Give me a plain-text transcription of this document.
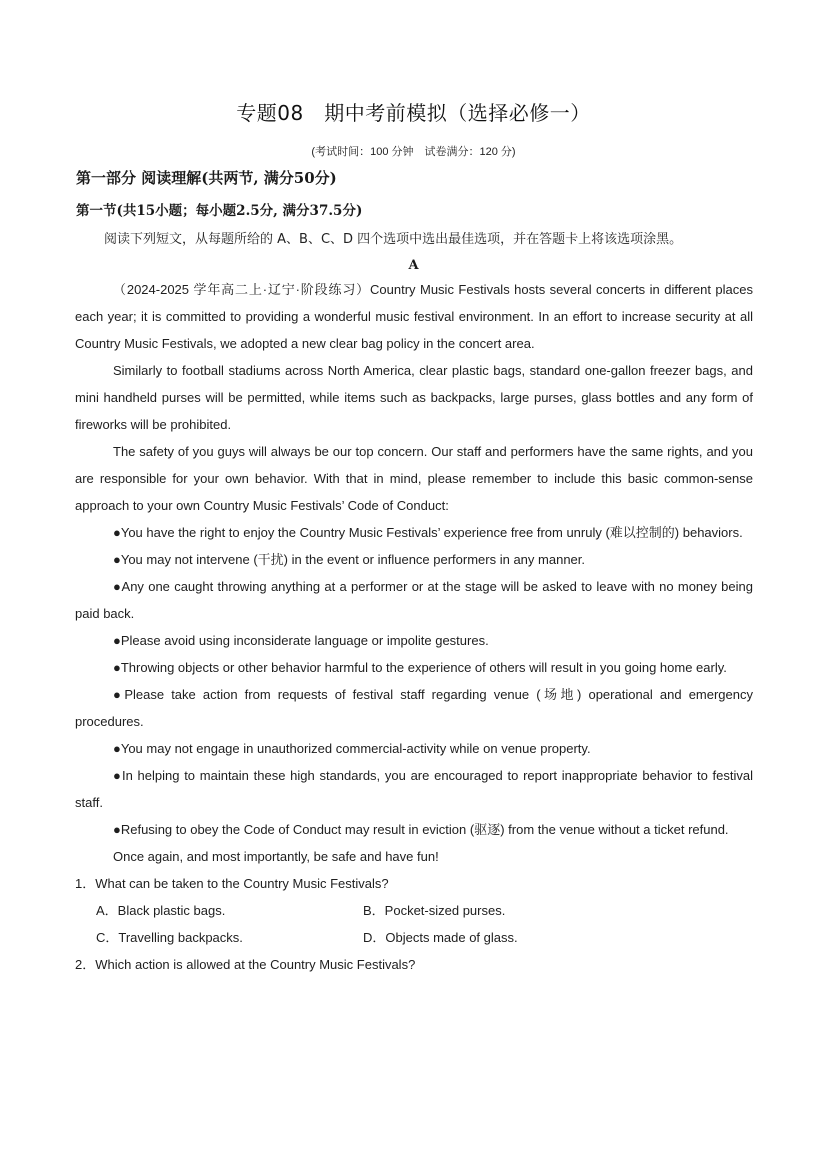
专题08　期中考前模拟（选择必修一）
(考试时间：100 分钟　试卷满分：120 分)
第一部分 阅读理解(共两节, 满分50分)
第一节(共15小题；每小题2.5分, 满分37.5分)
阅读下列短文，从每题所给的 A、B、C、D 四个选项中选出最佳选项，并在答题卡上将该选项涂黑。
A

（2024-2025 学年高二上·辽宁·阶段练习）Country Music Festivals hosts several concerts in different places each year; it is committed to providing a wonderful music festival environment. In an effort to increase security at all Country Music Festivals, we adopted a new clear bag policy in the concert area.

Similarly to football stadiums across North America, clear plastic bags, standard one-gallon freezer bags, and mini handheld purses will be permitted, while items such as backpacks, large purses, glass bottles and any form of fireworks will be prohibited.

The safety of you guys will always be our top concern. Our staff and performers have the same rights, and you are responsible for your own behavior. With that in mind, please remember to include this basic common-sense approach to your own Country Music Festivals’ Code of Conduct:

●You have the right to enjoy the Country Music Festivals’ experience free from unruly (难以控制的) behaviors.

●You may not intervene (干扰) in the event or influence performers in any manner.

●Any one caught throwing anything at a performer or at the stage will be asked to leave with no money being paid back.

●Please avoid using inconsiderate language or impolite gestures.

●Throwing objects or other behavior harmful to the experience of others will result in you going home early.

●Please take action from requests of festival staff regarding venue (场地) operational and emergency procedures.

●You may not engage in unauthorized commercial-activity while on venue property.

●In helping to maintain these high standards, you are encouraged to report inappropriate behavior to festival staff.

●Refusing to obey the Code of Conduct may result in eviction (驱逐) from the venue without a ticket refund.

Once again, and most importantly, be safe and have fun!

1．What can be taken to the Country Music Festivals?

A．Black plastic bags.	B．Pocket-sized purses.

C．Travelling backpacks.	D．Objects made of glass.

2．Which action is allowed at the Country Music Festivals?
